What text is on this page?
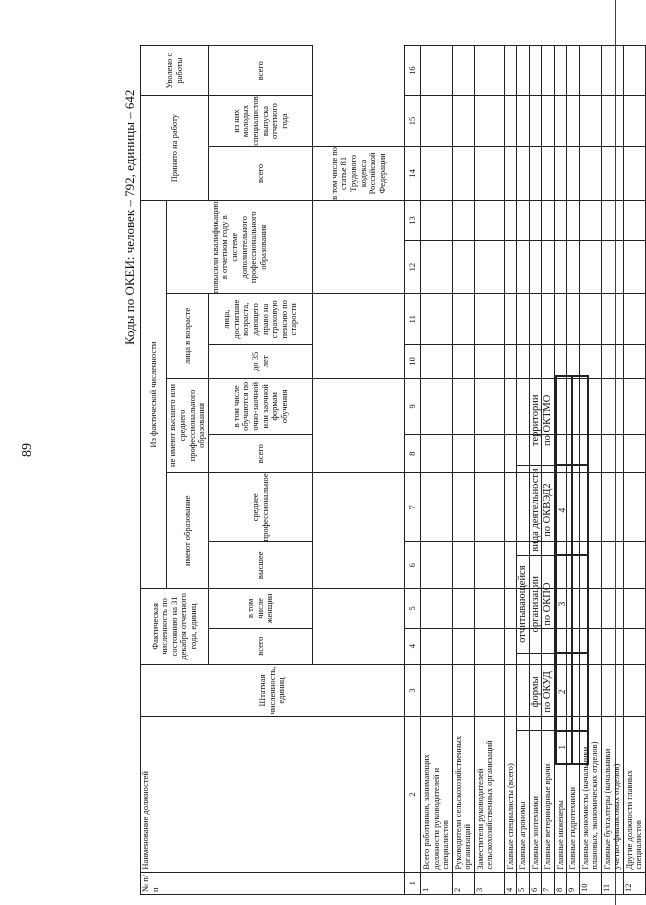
89
	формы
по ОКУД	отчитывающейся организации
по ОКПО	вида деятельности
по ОКВЭД2	территории
по ОКТМО
1	2	3	4	

Коды по ОКЕИ: человек – 792, единицы – 642
№ п/п	Наименование должностей	Штатная численность, единиц	Фактическая численность по состоянию на 31 декабря отчетного года, единиц		Из фактической численности								Принято на работу		Уволено с работы
					имеют образование		не имеют высшего или среднего профессионального образования		лица в возрасте		повысили квалификацию в отчетном году в системе дополнительного профессионального образования				
			всего	в том числе женщин	высшее	среднее профессиональное	всего	в том числе обучаются по очно-заочной или заочной формам обучения	до 35 лет	лица, достигшие возраста, дающего право на страховую пенсию по старости			всего	из них молодых специалистов выпуска отчетного года	всего
													в том числе по статье 81 Трудового кодекса Российской Федерации		
1	2	3	4	5	6	7	8	9	10	11	12	13	14	15	16
1	Всего работников, занимающих должности руководителей и специалистов														
2	Руководители сельскохозяйственных организаций														
3	Заместители руководителей сельскохозяйственных организаций														
4	Главные специалисты (всего)														
5	Главные агрономы														
6	Главные зоотехники														
7	Главные ветеринарные врачи														
8	Главные инженеры														
9	Главные гидротехники														
10	Главные экономисты (начальники плановых, экономических отделов)														
11	Главные бухгалтеры (начальники учетно-финансовых отделов)														
12	Другие должности главных специалистов														
